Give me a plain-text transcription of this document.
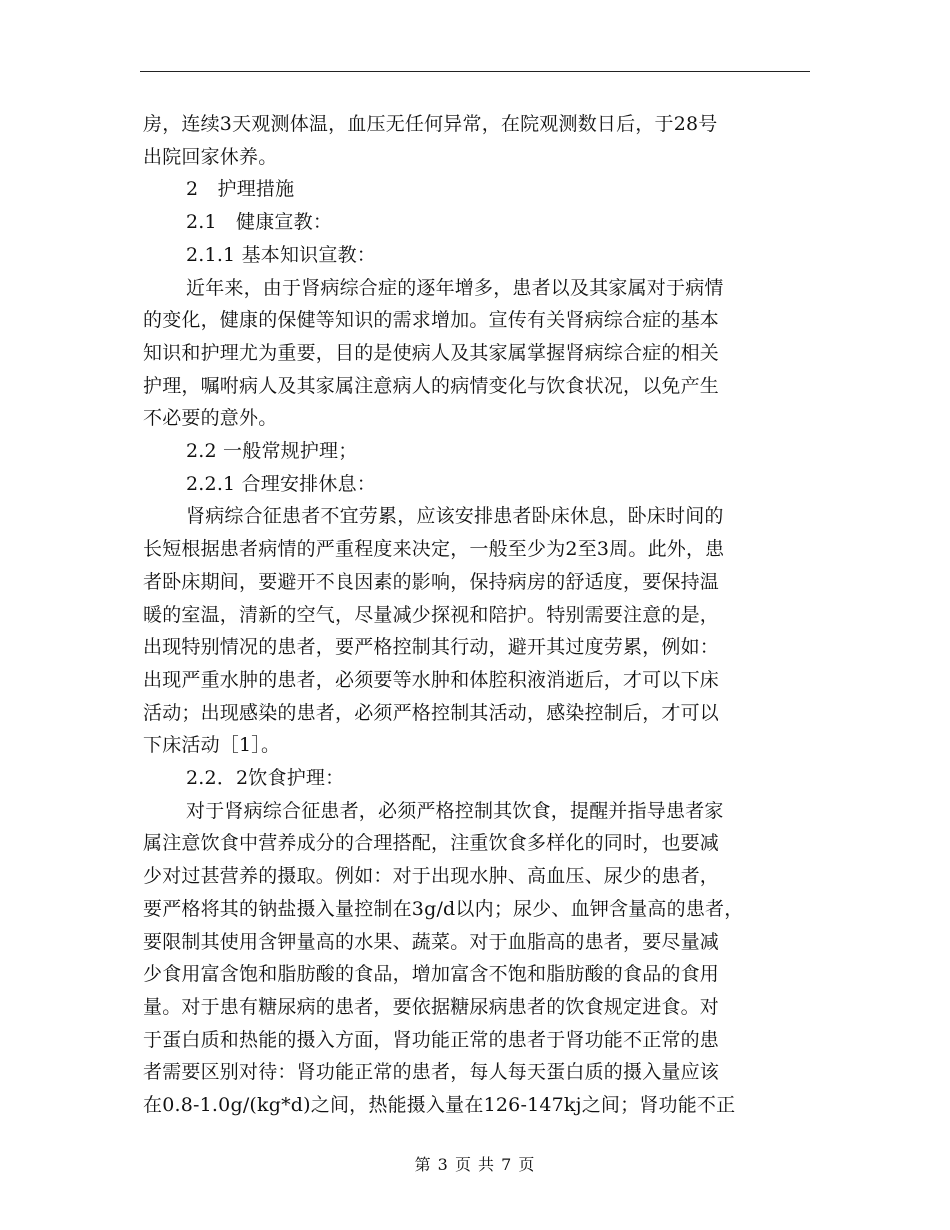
房，连续3天观测体温，血压无任何异常，在院观测数日后，于28号
出院回家休养。
2　护理措施
2.1　健康宣教：
2.1.1 基本知识宣教：
近年来，由于肾病综合症的逐年增多，患者以及其家属对于病情
的变化，健康的保健等知识的需求增加。宣传有关肾病综合症的基本
知识和护理尤为重要，目的是使病人及其家属掌握肾病综合症的相关
护理，嘱咐病人及其家属注意病人的病情变化与饮食状况，以免产生
不必要的意外。
2.2 一般常规护理；
2.2.1 合理安排休息：
肾病综合征患者不宜劳累，应该安排患者卧床休息，卧床时间的
长短根据患者病情的严重程度来决定，一般至少为2至3周。此外，患
者卧床期间，要避开不良因素的影响，保持病房的舒适度，要保持温
暖的室温，清新的空气，尽量减少探视和陪护。特别需要注意的是，
出现特别情况的患者，要严格控制其行动，避开其过度劳累，例如：
出现严重水肿的患者，必须要等水肿和体腔积液消逝后，才可以下床
活动；出现感染的患者，必须严格控制其活动，感染控制后，才可以
下床活动［1］。
2.2．2饮食护理：
对于肾病综合征患者，必须严格控制其饮食，提醒并指导患者家
属注意饮食中营养成分的合理搭配，注重饮食多样化的同时，也要减
少对过甚营养的摄取。例如：对于出现水肿、高血压、尿少的患者，
要严格将其的钠盐摄入量控制在3g/d以内；尿少、血钾含量高的患者，
要限制其使用含钾量高的水果、蔬菜。对于血脂高的患者，要尽量减
少食用富含饱和脂肪酸的食品，增加富含不饱和脂肪酸的食品的食用
量。对于患有糖尿病的患者，要依据糖尿病患者的饮食规定进食。对
于蛋白质和热能的摄入方面，肾功能正常的患者于肾功能不正常的患
者需要区别对待：肾功能正常的患者，每人每天蛋白质的摄入量应该
在0.8-1.0g/(kg*d)之间，热能摄入量在126-147kj之间；肾功能不正
第 3 页 共 7 页
